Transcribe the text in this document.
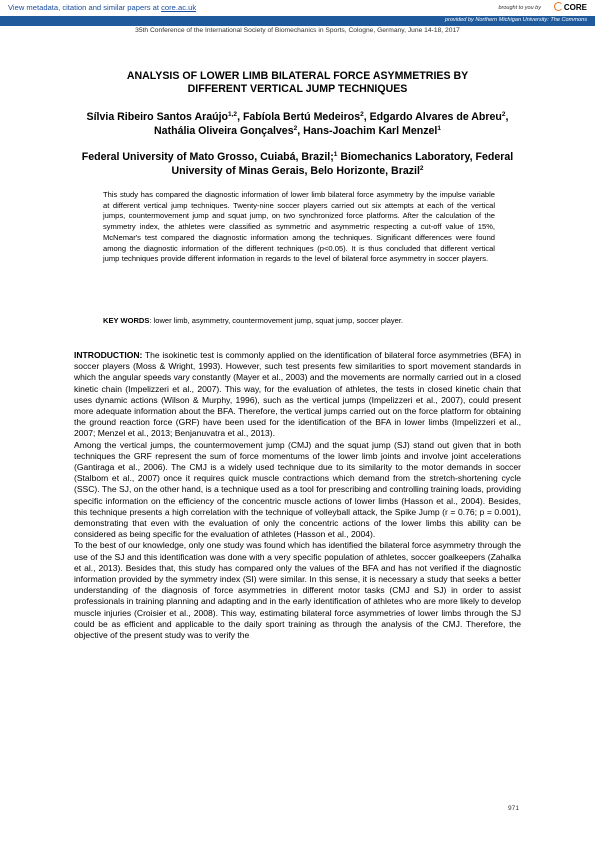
View metadata, citation and similar papers at core.ac.uk	brought to you by	CORE
provided by Northern Michigan University: The Commons
35th Conference of the International Society of Biomechanics in Sports, Cologne, Germany, June 14-18, 2017
ANALYSIS OF LOWER LIMB BILATERAL FORCE ASYMMETRIES BY
DIFFERENT VERTICAL JUMP TECHNIQUES
Sílvia Ribeiro Santos Araújo$^{1,2}$, Fabíola Bertú Medeiros$^2$, Edgardo Alvares de Abreu$^2$, Nathália Oliveira Gonçalves$^2$, Hans-Joachim Karl Menzel$^1$
Federal University of Mato Grosso, Cuiabá, Brazil;$^1$ Biomechanics Laboratory, Federal University of Minas Gerais, Belo Horizonte, Brazil$^2$
This study has compared the diagnostic information of lower limb bilateral force asymmetry by the impulse variable at different vertical jump techniques. Twenty-nine soccer players carried out six attempts at each of the vertical jumps, countermovement jump and squat jump, on two synchronized force platforms. After the calculation of the symmetry index, the athletes were classified as symmetric and asymmetric respecting a cut-off value of 15%, McNemar's test compared the diagnostic information among the techniques. Significant differences were found among the diagnostic information of the different techniques (p<0.05). It is thus concluded that different vertical jump techniques provide different information in regards to the level of bilateral force asymmetry in soccer players.
KEY WORDS: lower limb, asymmetry, countermovement jump, squat jump, soccer player.

INTRODUCTION: The isokinetic test is commonly applied on the identification of bilateral force asymmetries (BFA) in soccer players (Moss & Wright, 1993). However, such test presents few similarities to sport movement standards in which the angular speeds vary constantly (Mayer et al., 2003) and the movements are normally carried out in a closed kinetic chain (Impelizzeri et al., 2007). This way, for the evaluation of athletes, the tests in closed kinetic chain that uses dynamic actions (Wilson & Murphy, 1996), such as the vertical jumps (Impelizzeri et al., 2007), could present more adequate information about the BFA. Therefore, the vertical jumps carried out on the force platform for obtaining the ground reaction force (GRF) have been used for the identification of the BFA in lower limbs (Impelizzeri et al., 2007; Menzel et al., 2013; Benjanuvatra et al., 2013).

Among the vertical jumps, the countermovement jump (CMJ) and the squat jump (SJ) stand out given that in both techniques the GRF represent the sum of force momentums of the lower limb joints and involve joint accelerations (Gantiraga et al., 2006). The CMJ is a widely used technique due to its similarity to the motor demands in soccer (Stalbom et al., 2007) once it requires quick muscle contractions which demand from the stretch-shortening cycle (SSC). The SJ, on the other hand, is a technique used as a tool for prescribing and controlling training loads, providing specific information on the efficiency of the concentric muscle actions of lower limbs (Hasson et al., 2004). Besides, this technique presents a high correlation with the technique of volleyball attack, the Spike Jump (r = 0.76; p = 0.001), demonstrating that even with the evaluation of only the concentric actions of the lower limbs this ability can be considered as being specific for the evaluation of athletes (Hasson et al., 2004).

To the best of our knowledge, only one study was found which has identified the bilateral force asymmetry through the use of the SJ and this identification was done with a very specific population of athletes, soccer goalkeepers (Zahalka et al., 2013). Besides that, this study has compared only the values of the BFA and has not verified if the diagnostic information provided by the symmetry index (SI) were similar. In this sense, it is necessary a study that seeks a better understanding of the diagnosis of force asymmetries in different motor tasks (CMJ and SJ) in order to assist professionals in training planning and adapting and in the early identification of athletes who are more likely to develop muscle injuries (Croisier et al., 2008). This way, estimating bilateral force asymmetries of lower limbs through the SJ could be as efficient and applicable to the daily sport training as through the analysis of the CMJ. Therefore, the objective of the present study was to verify the

971
